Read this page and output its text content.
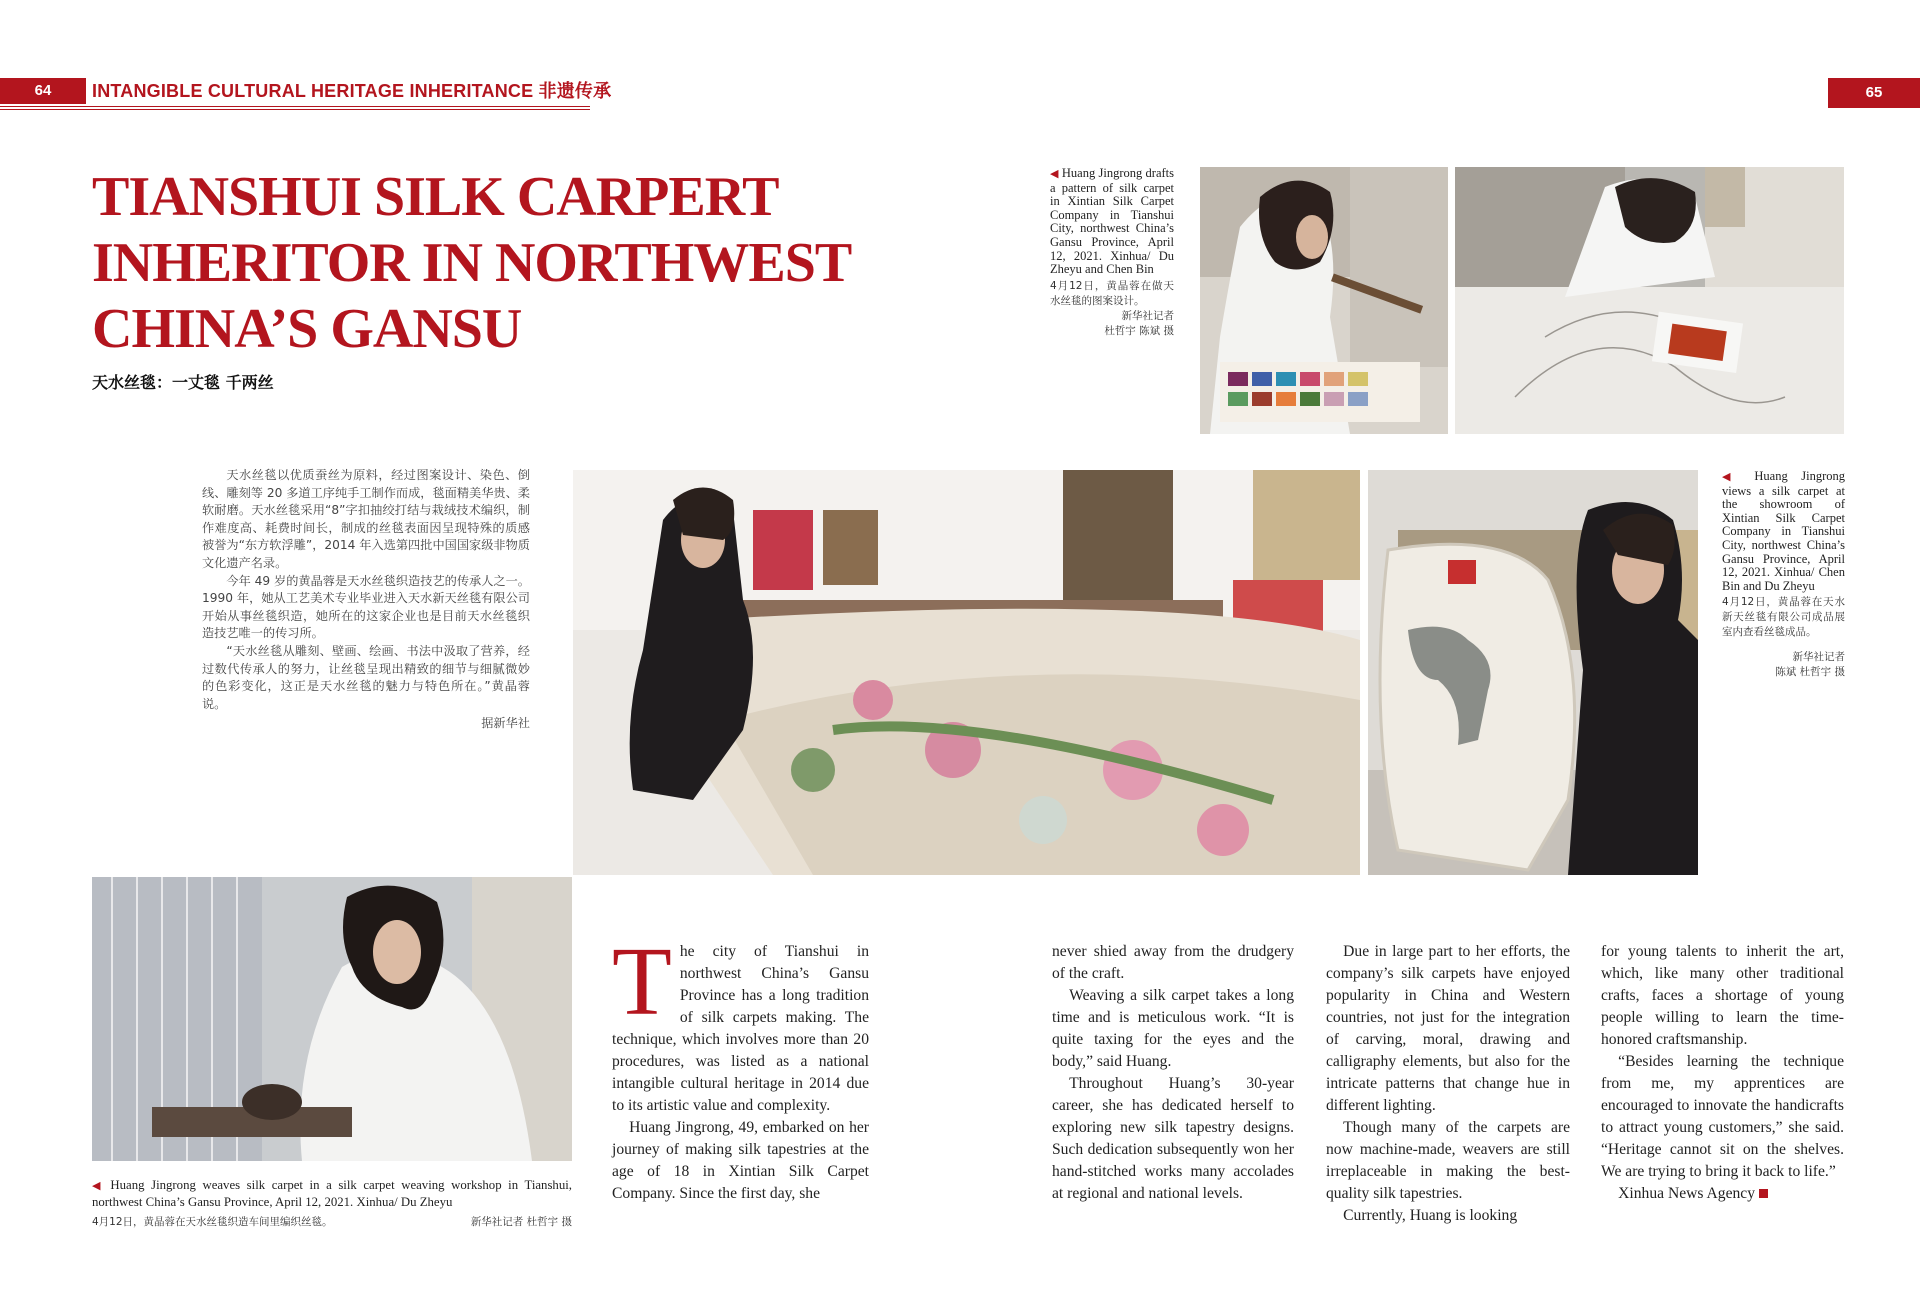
64	INTANGIBLE CULTURAL HERITAGE INHERITANCE 非遗传承	65
TIANSHUI SILK CARPERT
INHERITOR IN NORTHWEST
CHINA’S GANSU
天水丝毯：一丈毯 千两丝
◀ Huang Jingrong drafts a pattern of silk carpet in Xintian Silk Carpet Company in Tianshui City, northwest China’s Gansu Province, April 12, 2021. Xinhua/ Du Zheyu and Chen Bin
4月12日，黄晶蓉在做天水丝毯的图案设计。
新华社记者
杜哲宇 陈斌 摄

天水丝毯以优质蚕丝为原料，经过图案设计、染色、倒线、雕刻等 20 多道工序纯手工制作而成，毯面精美华贵、柔软耐磨。天水丝毯采用“8”字扣抽绞打结与栽绒技术编织，制作难度高、耗费时间长，制成的丝毯表面因呈现特殊的质感被誉为“东方软浮雕”，2014 年入选第四批中国国家级非物质文化遗产名录。

今年 49 岁的黄晶蓉是天水丝毯织造技艺的传承人之一。1990 年，她从工艺美术专业毕业进入天水新天丝毯有限公司开始从事丝毯织造，她所在的这家企业也是目前天水丝毯织造技艺唯一的传习所。

“天水丝毯从雕刻、壁画、绘画、书法中汲取了营养，经过数代传承人的努力，让丝毯呈现出精致的细节与细腻微妙的色彩变化，这正是天水丝毯的魅力与特色所在。”黄晶蓉说。

据新华社
◀ Huang Jingrong views a silk carpet at the showroom of Xintian Silk Carpet Company in Tianshui City, northwest China’s Gansu Province, April 12, 2021. Xinhua/ Chen Bin and Du Zheyu
4月12日，黄晶蓉在天水新天丝毯有限公司成品展室内查看丝毯成品。
新华社记者
陈斌 杜哲宇 摄
◀ Huang Jingrong weaves silk carpet in a silk carpet weaving workshop in Tianshui, northwest China’s Gansu Province, April 12, 2021. Xinhua/ Du Zheyu
4月12日，黄晶蓉在天水丝毯织造车间里编织丝毯。	新华社记者 杜哲宇 摄

The city of Tianshui in northwest China’s Gansu Province has a long tradition of silk carpets making. The technique, which involves more than 20 procedures, was listed as a national intangible cultural heritage in 2014 due to its artistic value and complexity.

Huang Jingrong, 49, embarked on her journey of making silk tapestries at the age of 18 in Xintian Silk Carpet Company. Since the first day, she

never shied away from the drudgery of the craft.

Weaving a silk carpet takes a long time and is meticulous work. “It is quite taxing for the eyes and the body,” said Huang.

Throughout Huang’s 30-year career, she has dedicated herself to exploring new silk tapestry designs. Such dedication subsequently won her hand-stitched works many accolades at regional and national levels.

Due in large part to her efforts, the company’s silk carpets have enjoyed popularity in China and Western countries, not just for the integration of carving, moral, drawing and calligraphy elements, but also for the intricate patterns that change hue in different lighting.

Though many of the carpets are now machine-made, weavers are still irreplaceable in making the best-quality silk tapestries.

Currently, Huang is looking

for young talents to inherit the art, which, like many other traditional crafts, faces a shortage of young people willing to learn the time-honored craftsmanship.

“Besides learning the technique from me, my apprentices are encouraged to innovate the handicrafts to attract young customers,” she said. “Heritage cannot sit on the shelves. We are trying to bring it back to life.”

Xinhua News Agency
